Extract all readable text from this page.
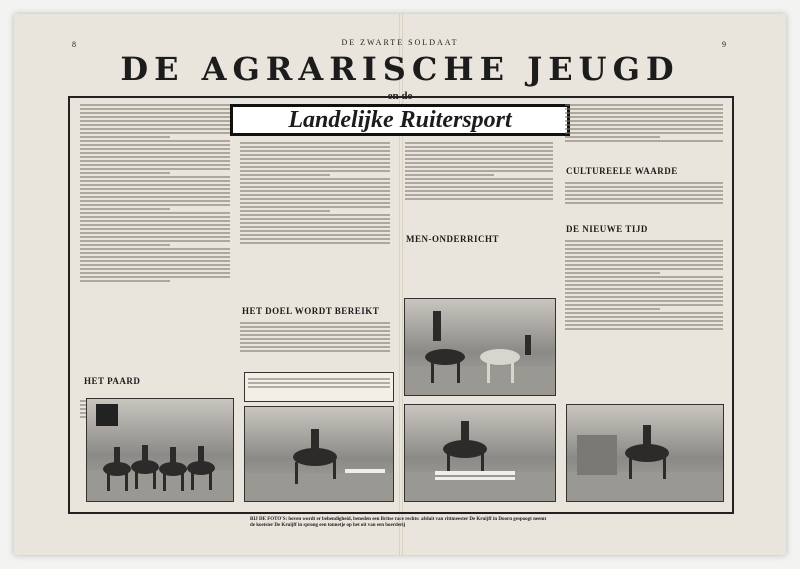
DE ZWARTE SOLDAAT
8	9
DE AGRARISCHE JEUGD
en de
Landelijke Ruitersport
HET PAARD
HET DOEL WORDT BEREIKT
MEN-ONDERRICHT
CULTUREELE WAARDE
DE NIEUWE TIJD
BIJ DE FOTO'S: boven wordt er behendigheid, beneden een Britse race rechts: afsluit van rittmeester De Kruijff in Doorn gespoogt neemt de koetsier De Kruijff in sprong een tonnetje op het oit van een boerderij
